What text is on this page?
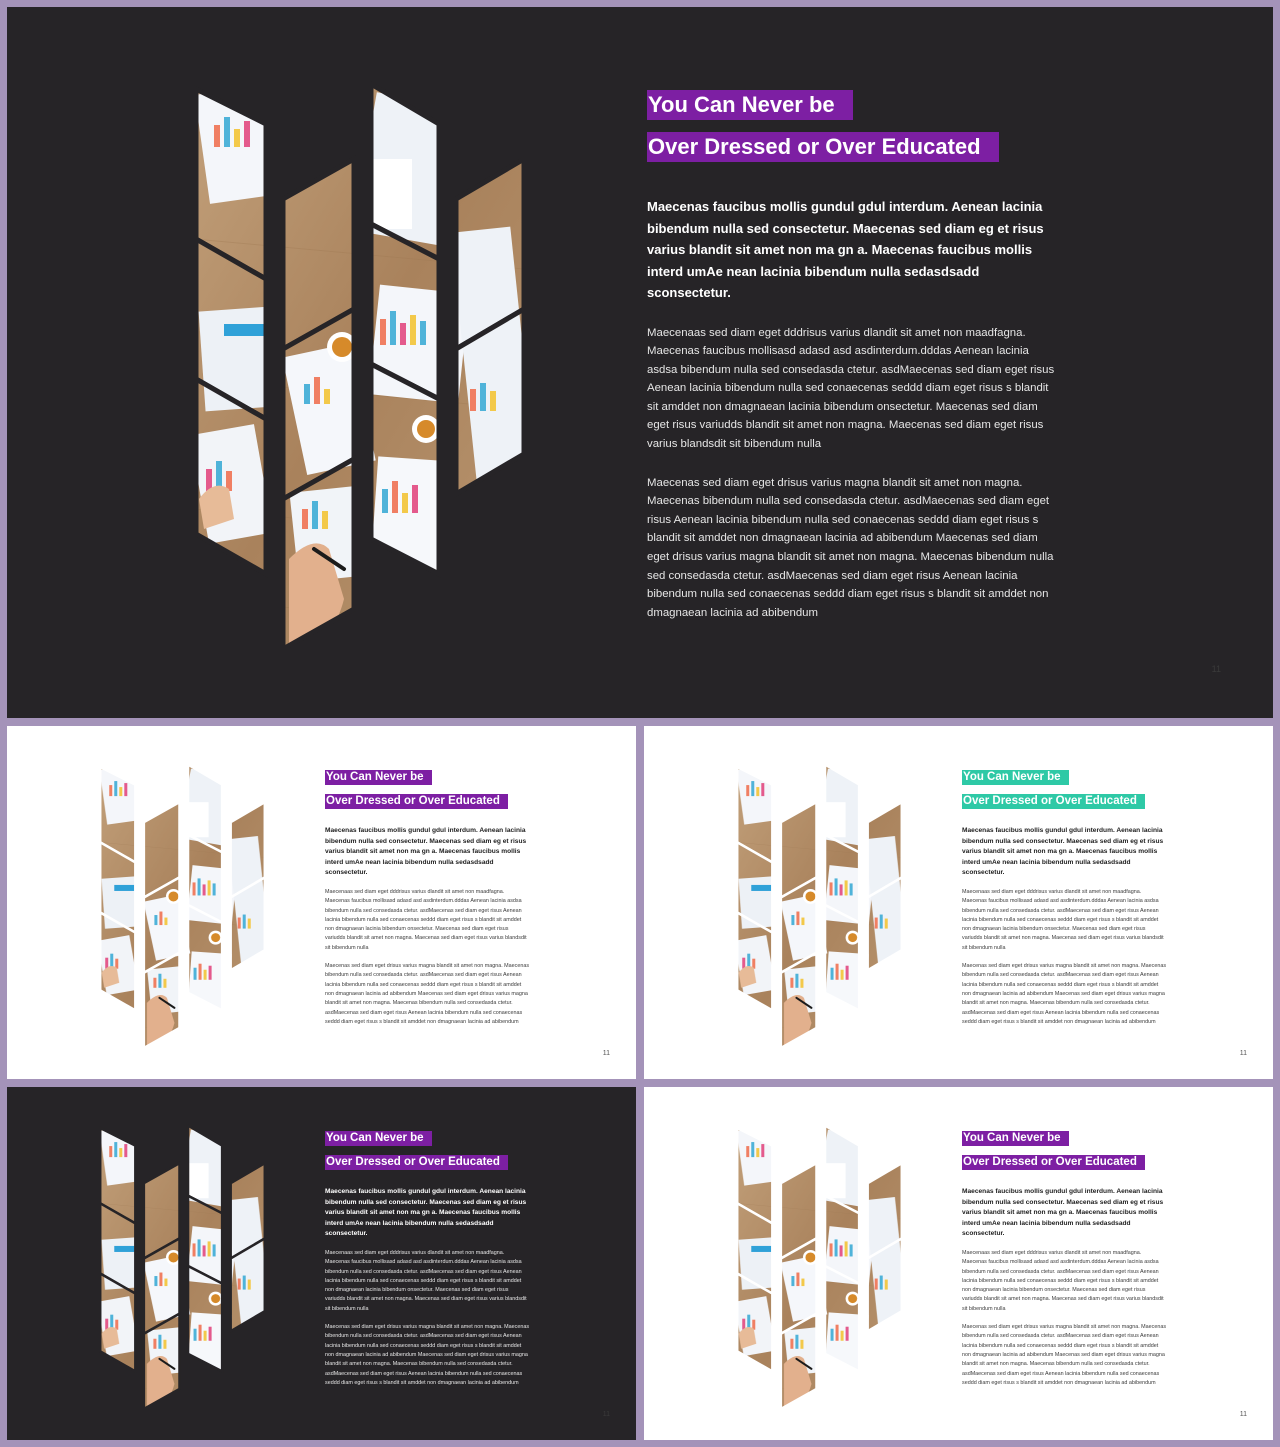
You Can Never be
Over Dressed or Over Educated

Maecenas faucibus mollis gundul gdul interdum. Aenean lacinia bibendum nulla sed consectetur. Maecenas sed diam eg et risus varius blandit sit amet non ma gn a. Maecenas faucibus mollis interd umAe nean lacinia bibendum nulla sedasdsadd sconsectetur.

Maecenaas sed diam eget dddrisus varius dlandit sit amet non maadfagna. Maecenas faucibus mollisasd adasd asd asdinterdum.dddas Aenean lacinia asdsa bibendum nulla sed consedasda ctetur. asdMaecenas sed diam eget risus Aenean lacinia bibendum nulla sed conaecenas seddd diam eget risus s blandit sit amddet non dmagnaean lacinia bibendum onsectetur. Maecenas sed diam eget risus variudds blandit sit amet non magna. Maecenas sed diam eget risus varius blandsdit sit bibendum nulla

Maecenas sed diam eget drisus varius magna blandit sit amet non magna. Maecenas bibendum nulla sed consedasda ctetur. asdMaecenas sed diam eget risus Aenean lacinia bibendum nulla sed conaecenas seddd diam eget risus s blandit sit amddet non dmagnaean lacinia ad abibendum Maecenas sed diam eget drisus varius magna blandit sit amet non magna. Maecenas bibendum nulla sed consedasda ctetur. asdMaecenas sed diam eget risus Aenean lacinia bibendum nulla sed conaecenas seddd diam eget risus s blandit sit amddet non dmagnaean lacinia ad abibendum

11
You Can Never be
Over Dressed or Over Educated

Maecenas faucibus mollis gundul gdul interdum. Aenean lacinia bibendum nulla sed consectetur. Maecenas sed diam eg et risus varius blandit sit amet non ma gn a. Maecenas faucibus mollis interd umAe nean lacinia bibendum nulla sedasdsadd sconsectetur.

Maecenaas sed diam eget dddrisus varius dlandit sit amet non maadfagna. Maecenas faucibus mollisasd adasd asd asdinterdum.dddas Aenean lacinia asdsa bibendum nulla sed consedasda ctetur. asdMaecenas sed diam eget risus Aenean lacinia bibendum nulla sed conaecenas seddd diam eget risus s blandit sit amddet non dmagnaean lacinia bibendum onsectetur. Maecenas sed diam eget risus variudds blandit sit amet non magna. Maecenas sed diam eget risus varius blandsdit sit bibendum nulla

Maecenas sed diam eget drisus varius magna blandit sit amet non magna. Maecenas bibendum nulla sed consedasda ctetur. asdMaecenas sed diam eget risus Aenean lacinia bibendum nulla sed conaecenas seddd diam eget risus s blandit sit amddet non dmagnaean lacinia ad abibendum Maecenas sed diam eget drisus varius magna blandit sit amet non magna. Maecenas bibendum nulla sed consedasda ctetur. asdMaecenas sed diam eget risus Aenean lacinia bibendum nulla sed conaecenas seddd diam eget risus s blandit sit amddet non dmagnaean lacinia ad abibendum

11
You Can Never be
Over Dressed or Over Educated

Maecenas faucibus mollis gundul gdul interdum. Aenean lacinia bibendum nulla sed consectetur. Maecenas sed diam eg et risus varius blandit sit amet non ma gn a. Maecenas faucibus mollis interd umAe nean lacinia bibendum nulla sedasdsadd sconsectetur.

Maecenaas sed diam eget dddrisus varius dlandit sit amet non maadfagna. Maecenas faucibus mollisasd adasd asd asdinterdum.dddas Aenean lacinia asdsa bibendum nulla sed consedasda ctetur. asdMaecenas sed diam eget risus Aenean lacinia bibendum nulla sed conaecenas seddd diam eget risus s blandit sit amddet non dmagnaean lacinia bibendum onsectetur. Maecenas sed diam eget risus variudds blandit sit amet non magna. Maecenas sed diam eget risus varius blandsdit sit bibendum nulla

Maecenas sed diam eget drisus varius magna blandit sit amet non magna. Maecenas bibendum nulla sed consedasda ctetur. asdMaecenas sed diam eget risus Aenean lacinia bibendum nulla sed conaecenas seddd diam eget risus s blandit sit amddet non dmagnaean lacinia ad abibendum Maecenas sed diam eget drisus varius magna blandit sit amet non magna. Maecenas bibendum nulla sed consedasda ctetur. asdMaecenas sed diam eget risus Aenean lacinia bibendum nulla sed conaecenas seddd diam eget risus s blandit sit amddet non dmagnaean lacinia ad abibendum

11
You Can Never be
Over Dressed or Over Educated

Maecenas faucibus mollis gundul gdul interdum. Aenean lacinia bibendum nulla sed consectetur. Maecenas sed diam eg et risus varius blandit sit amet non ma gn a. Maecenas faucibus mollis interd umAe nean lacinia bibendum nulla sedasdsadd sconsectetur.

Maecenaas sed diam eget dddrisus varius dlandit sit amet non maadfagna. Maecenas faucibus mollisasd adasd asd asdinterdum.dddas Aenean lacinia asdsa bibendum nulla sed consedasda ctetur. asdMaecenas sed diam eget risus Aenean lacinia bibendum nulla sed conaecenas seddd diam eget risus s blandit sit amddet non dmagnaean lacinia bibendum onsectetur. Maecenas sed diam eget risus variudds blandit sit amet non magna. Maecenas sed diam eget risus varius blandsdit sit bibendum nulla

Maecenas sed diam eget drisus varius magna blandit sit amet non magna. Maecenas bibendum nulla sed consedasda ctetur. asdMaecenas sed diam eget risus Aenean lacinia bibendum nulla sed conaecenas seddd diam eget risus s blandit sit amddet non dmagnaean lacinia ad abibendum Maecenas sed diam eget drisus varius magna blandit sit amet non magna. Maecenas bibendum nulla sed consedasda ctetur. asdMaecenas sed diam eget risus Aenean lacinia bibendum nulla sed conaecenas seddd diam eget risus s blandit sit amddet non dmagnaean lacinia ad abibendum

11
You Can Never be
Over Dressed or Over Educated

Maecenas faucibus mollis gundul gdul interdum. Aenean lacinia bibendum nulla sed consectetur. Maecenas sed diam eg et risus varius blandit sit amet non ma gn a. Maecenas faucibus mollis interd umAe nean lacinia bibendum nulla sedasdsadd sconsectetur.

Maecenaas sed diam eget dddrisus varius dlandit sit amet non maadfagna. Maecenas faucibus mollisasd adasd asd asdinterdum.dddas Aenean lacinia asdsa bibendum nulla sed consedasda ctetur. asdMaecenas sed diam eget risus Aenean lacinia bibendum nulla sed conaecenas seddd diam eget risus s blandit sit amddet non dmagnaean lacinia bibendum onsectetur. Maecenas sed diam eget risus variudds blandit sit amet non magna. Maecenas sed diam eget risus varius blandsdit sit bibendum nulla

Maecenas sed diam eget drisus varius magna blandit sit amet non magna. Maecenas bibendum nulla sed consedasda ctetur. asdMaecenas sed diam eget risus Aenean lacinia bibendum nulla sed conaecenas seddd diam eget risus s blandit sit amddet non dmagnaean lacinia ad abibendum Maecenas sed diam eget drisus varius magna blandit sit amet non magna. Maecenas bibendum nulla sed consedasda ctetur. asdMaecenas sed diam eget risus Aenean lacinia bibendum nulla sed conaecenas seddd diam eget risus s blandit sit amddet non dmagnaean lacinia ad abibendum

11
